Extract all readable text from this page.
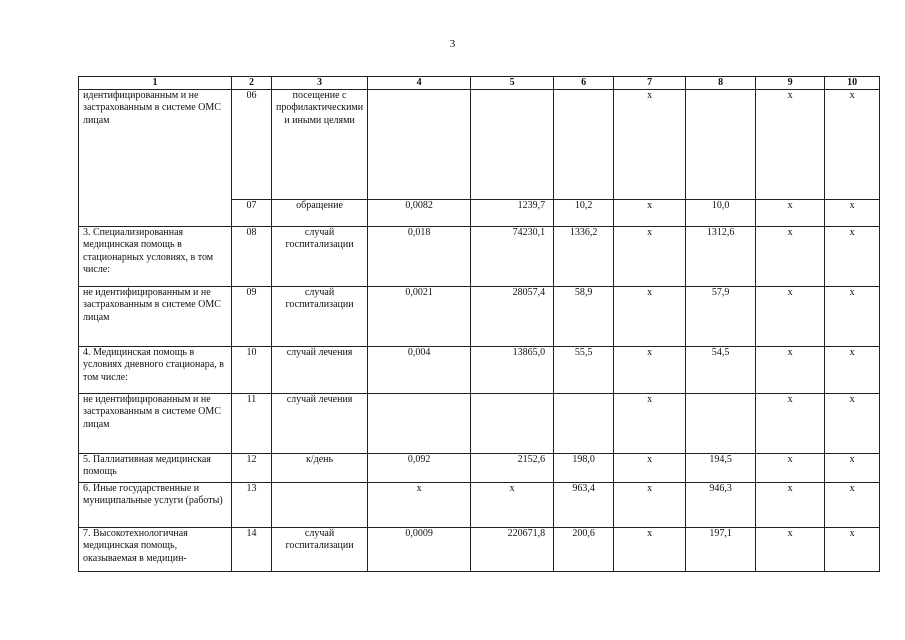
3
1	2	3	4	5	6	7	8	9	10
идентифицированным и не застрахованным в системе ОМС лицам	06	посещение с профилактическими и иными целями				х		х	х
	07	обращение	0,0082	1239,7	10,2	х	10,0	х	х
3. Специализированная медицинская помощь в стационарных условиях, в том числе:	08	случай госпитализации	0,018	74230,1	1336,2	х	1312,6	х	х
не идентифицированным и не застрахованным в системе ОМС лицам	09	случай госпитализации	0,0021	28057,4	58,9	х	57,9	х	х
4. Медицинская помощь в условиях дневного стационара, в том числе:	10	случай лечения	0,004	13865,0	55,5	х	54,5	х	х
не идентифицированным и не застрахованным в системе ОМС лицам	11	случай лечения				х		х	х
5. Паллиативная медицинская помощь	12	к/день	0,092	2152,6	198,0	х	194,5	х	х
6. Иные государственные и муниципальные услуги (работы)	13		х	х	963,4	х	946,3	х	х
7. Высокотехнологичная медицинская помощь, оказываемая в медицин-	14	случай госпитализации	0,0009	220671,8	200,6	х	197,1	х	х
